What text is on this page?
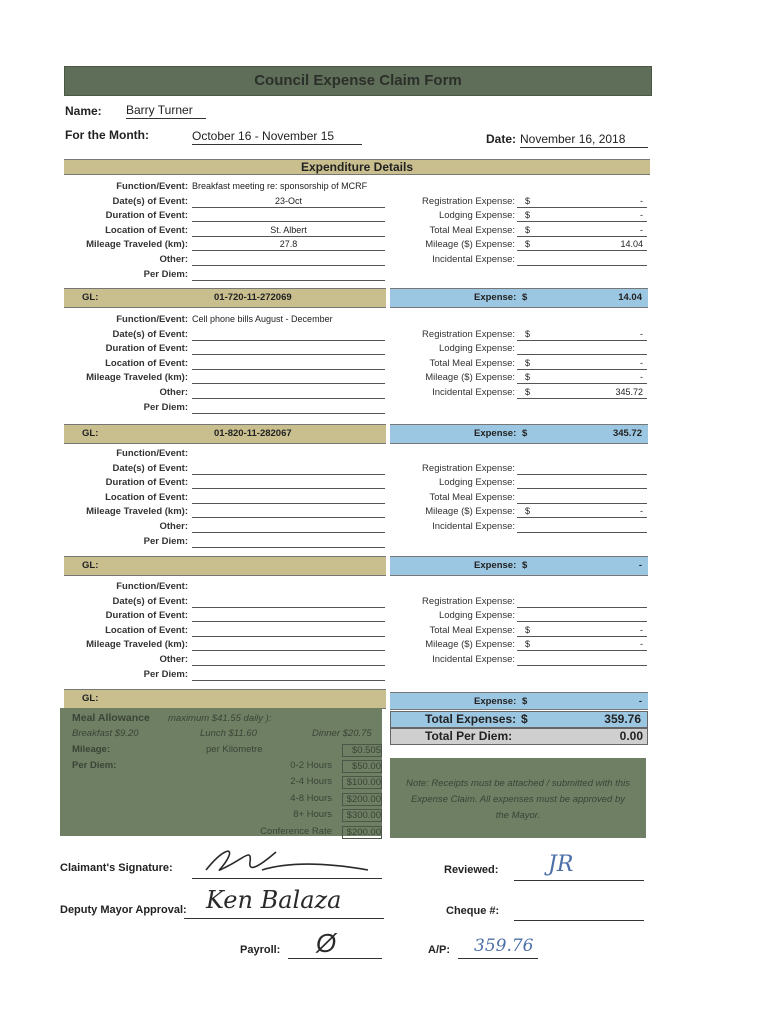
Council Expense Claim Form
Name: Barry Turner
For the Month:	October 16 - November 15	Date: November 16, 2018
Expenditure Details
Function/Event: Breakfast meeting re: sponsorship of MCRF
Date(s) of Event:	23-Oct
Duration of Event:
Location of Event:	St. Albert
Mileage Traveled (km):	27.8
Other:
Per Diem:
Registration Expense: $	-
Lodging Expense: $	-
Total Meal Expense: $	-
Mileage ($) Expense: $	14.04
Incidental Expense:
Function/Event: Cell phone bills August - December
Date(s) of Event:
Duration of Event:
Location of Event:
Mileage Traveled (km):
Other:
Per Diem:
Registration Expense: $	-
Lodging Expense:
Total Meal Expense: $	-
Mileage ($) Expense: $	-
Incidental Expense: $	345.72
Function/Event:
Date(s) of Event:
Duration of Event:
Location of Event:
Mileage Traveled (km):
Other:
Per Diem:
Registration Expense:
Lodging Expense:
Total Meal Expense:
Mileage ($) Expense: $	-
Incidental Expense:
Function/Event:
Date(s) of Event:
Duration of Event:
Location of Event:
Mileage Traveled (km):
Other:
Per Diem:
Registration Expense:
Lodging Expense:
Total Meal Expense: $	-
Mileage ($) Expense: $	-
Incidental Expense:
GL:	01-720-11-272069	Expense: $	14.04
GL:	01-820-11-282067	Expense: $	345.72
GL:	Expense: $	-
GL:	Expense: $	-
Meal Allowance maximum $41.55 daily ):
Breakfast $9.20	Lunch $11.60	Dinner $20.75
Mileage:	per Kilometre	$0.505
Per Diem:	0-2 Hours	$50.00
2-4 Hours	$100.00
4-8 Hours	$200.00
8+ Hours	$300.00
Conference Rate	$200.00
Total Expenses: $	359.76
Total Per Diem:	0.00
Note: Receipts must be attached / submitted with this Expense Claim. All expenses must be approved by the Mayor.
Claimant's Signature:
Deputy Mayor Approval: Ken Balaza
Reviewed: JR
Cheque #:
Payroll: Ø	A/P: 359.76
